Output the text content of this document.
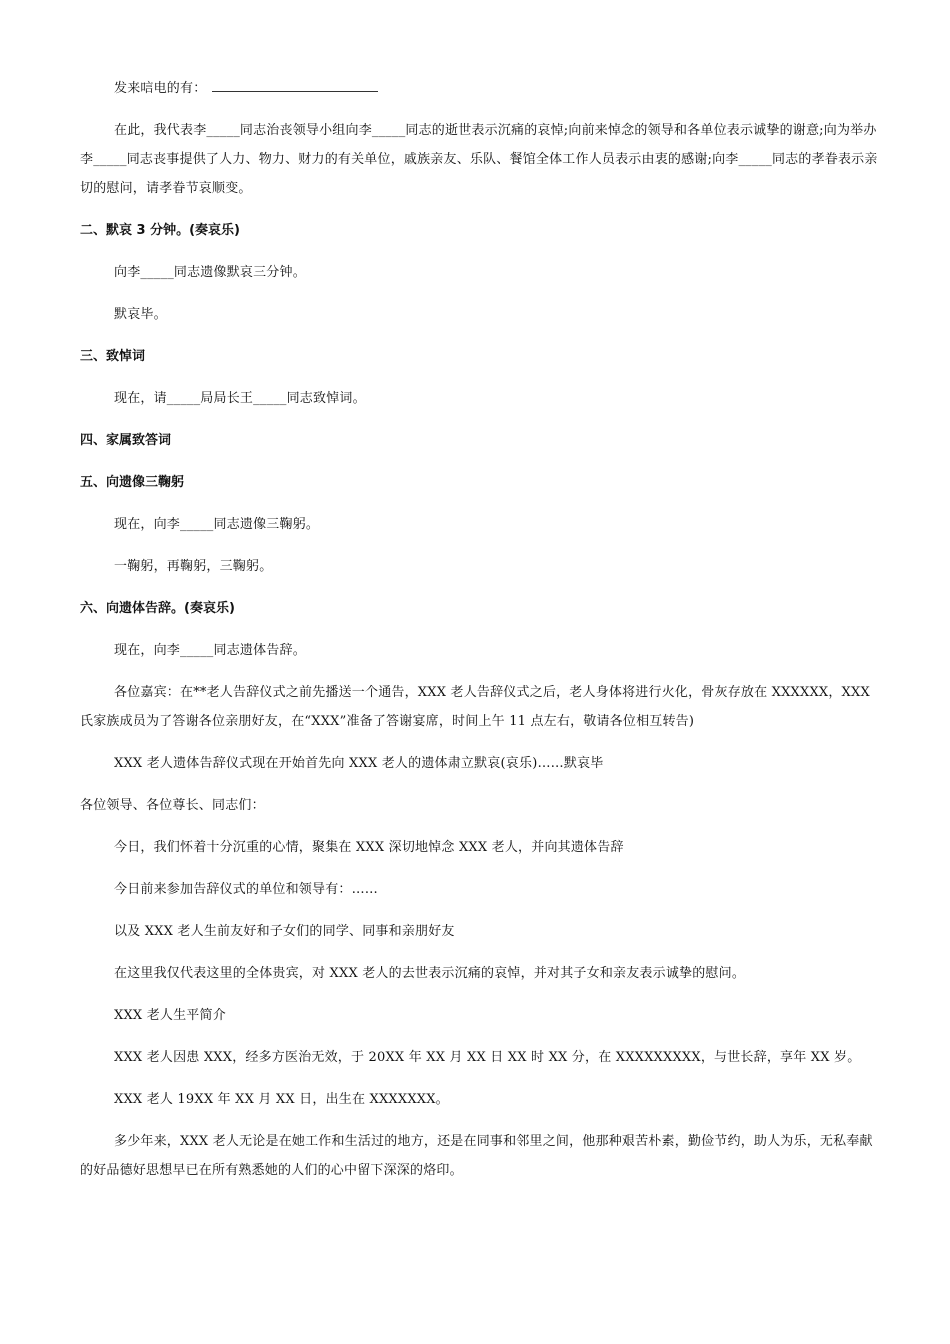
发来唁电的有：

在此，我代表李_____同志治丧领导小组向李_____同志的逝世表示沉痛的哀悼;向前来悼念的领导和各单位表示诚挚的谢意;向为举办李_____同志丧事提供了人力、物力、财力的有关单位，戚族亲友、乐队、餐馆全体工作人员表示由衷的感谢;向李_____同志的孝眷表示亲切的慰问，请孝眷节哀顺变。

二、默哀 3 分钟。(奏哀乐)

向李_____同志遗像默哀三分钟。

默哀毕。

三、致悼词

现在，请_____局局长王_____同志致悼词。

四、家属致答词

五、向遗像三鞠躬

现在，向李_____同志遗像三鞠躬。

一鞠躬，再鞠躬，三鞠躬。

六、向遗体告辞。(奏哀乐)

现在，向李_____同志遗体告辞。

各位嘉宾：在**老人告辞仪式之前先播送一个通告，XXX 老人告辞仪式之后，老人身体将进行火化，骨灰存放在 XXXXXX，XXX 氏家族成员为了答谢各位亲朋好友，在“XXX”准备了答谢宴席，时间上午 11 点左右，敬请各位相互转告)

XXX 老人遗体告辞仪式现在开始首先向 XXX 老人的遗体肃立默哀(哀乐)……默哀毕

各位领导、各位尊长、同志们：

今日，我们怀着十分沉重的心情，聚集在 XXX 深切地悼念 XXX 老人，并向其遗体告辞

今日前来参加告辞仪式的单位和领导有：……

以及 XXX 老人生前友好和子女们的同学、同事和亲朋好友

在这里我仅代表这里的全体贵宾，对 XXX 老人的去世表示沉痛的哀悼，并对其子女和亲友表示诚挚的慰问。

XXX 老人生平简介

XXX 老人因患 XXX，经多方医治无效，于 20XX 年 XX 月 XX 日 XX 时 XX 分，在 XXXXXXXXX，与世长辞，享年 XX 岁。

XXX 老人 19XX 年 XX 月 XX 日，出生在 XXXXXXX。

多少年来，XXX 老人无论是在她工作和生活过的地方，还是在同事和邻里之间，他那种艰苦朴素，勤俭节约，助人为乐，无私奉献的好品德好思想早已在所有熟悉她的人们的心中留下深深的烙印。
